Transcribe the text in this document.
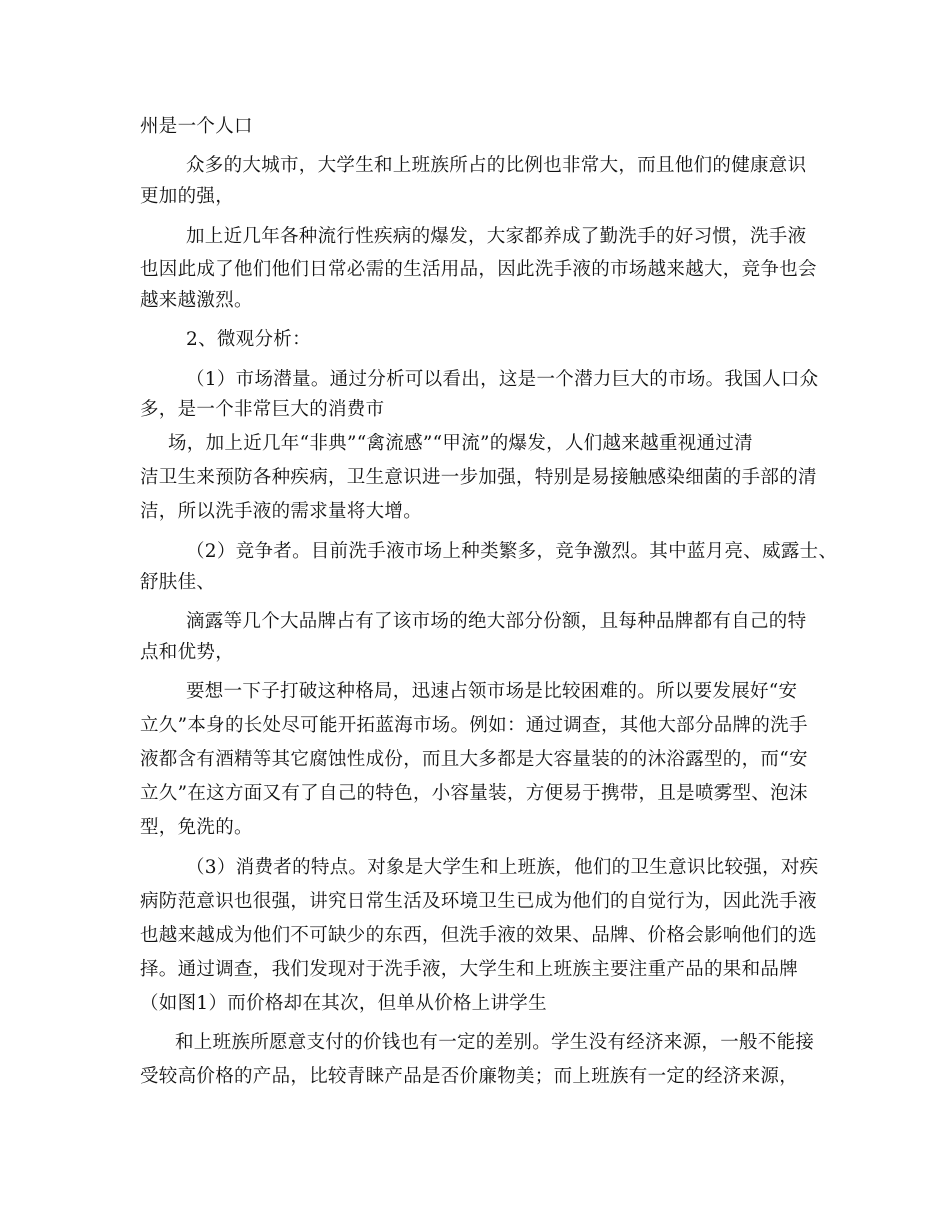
州是一个人口
众多的大城市，大学生和上班族所占的比例也非常大，而且他们的健康意识
更加的强，
加上近几年各种流行性疾病的爆发，大家都养成了勤洗手的好习惯，洗手液
也因此成了他们他们日常必需的生活用品，因此洗手液的市场越来越大，竞争也会
越来越激烈。
2、微观分析：
（1）市场潜量。通过分析可以看出，这是一个潜力巨大的市场。我国人口众
多，是一个非常巨大的消费市
场，加上近几年“非典”“禽流感”“甲流”的爆发，人们越来越重视通过清
洁卫生来预防各种疾病，卫生意识进一步加强，特别是易接触感染细菌的手部的清
洁，所以洗手液的需求量将大增。
（2）竞争者。目前洗手液市场上种类繁多，竞争激烈。其中蓝月亮、威露士、
舒肤佳、
滴露等几个大品牌占有了该市场的绝大部分份额，且每种品牌都有自己的特
点和优势，
要想一下子打破这种格局，迅速占领市场是比较困难的。所以要发展好“安
立久”本身的长处尽可能开拓蓝海市场。例如：通过调查，其他大部分品牌的洗手
液都含有酒精等其它腐蚀性成份，而且大多都是大容量装的的沐浴露型的，而“安
立久”在这方面又有了自己的特色，小容量装，方便易于携带，且是喷雾型、泡沫
型，免洗的。
（3）消费者的特点。对象是大学生和上班族，他们的卫生意识比较强，对疾
病防范意识也很强，讲究日常生活及环境卫生已成为他们的自觉行为，因此洗手液
也越来越成为他们不可缺少的东西，但洗手液的效果、品牌、价格会影响他们的选
择。通过调查，我们发现对于洗手液，大学生和上班族主要注重产品的果和品牌
（如图1）而价格却在其次，但单从价格上讲学生
和上班族所愿意支付的价钱也有一定的差别。学生没有经济来源，一般不能接
受较高价格的产品，比较青睐产品是否价廉物美；而上班族有一定的经济来源，
